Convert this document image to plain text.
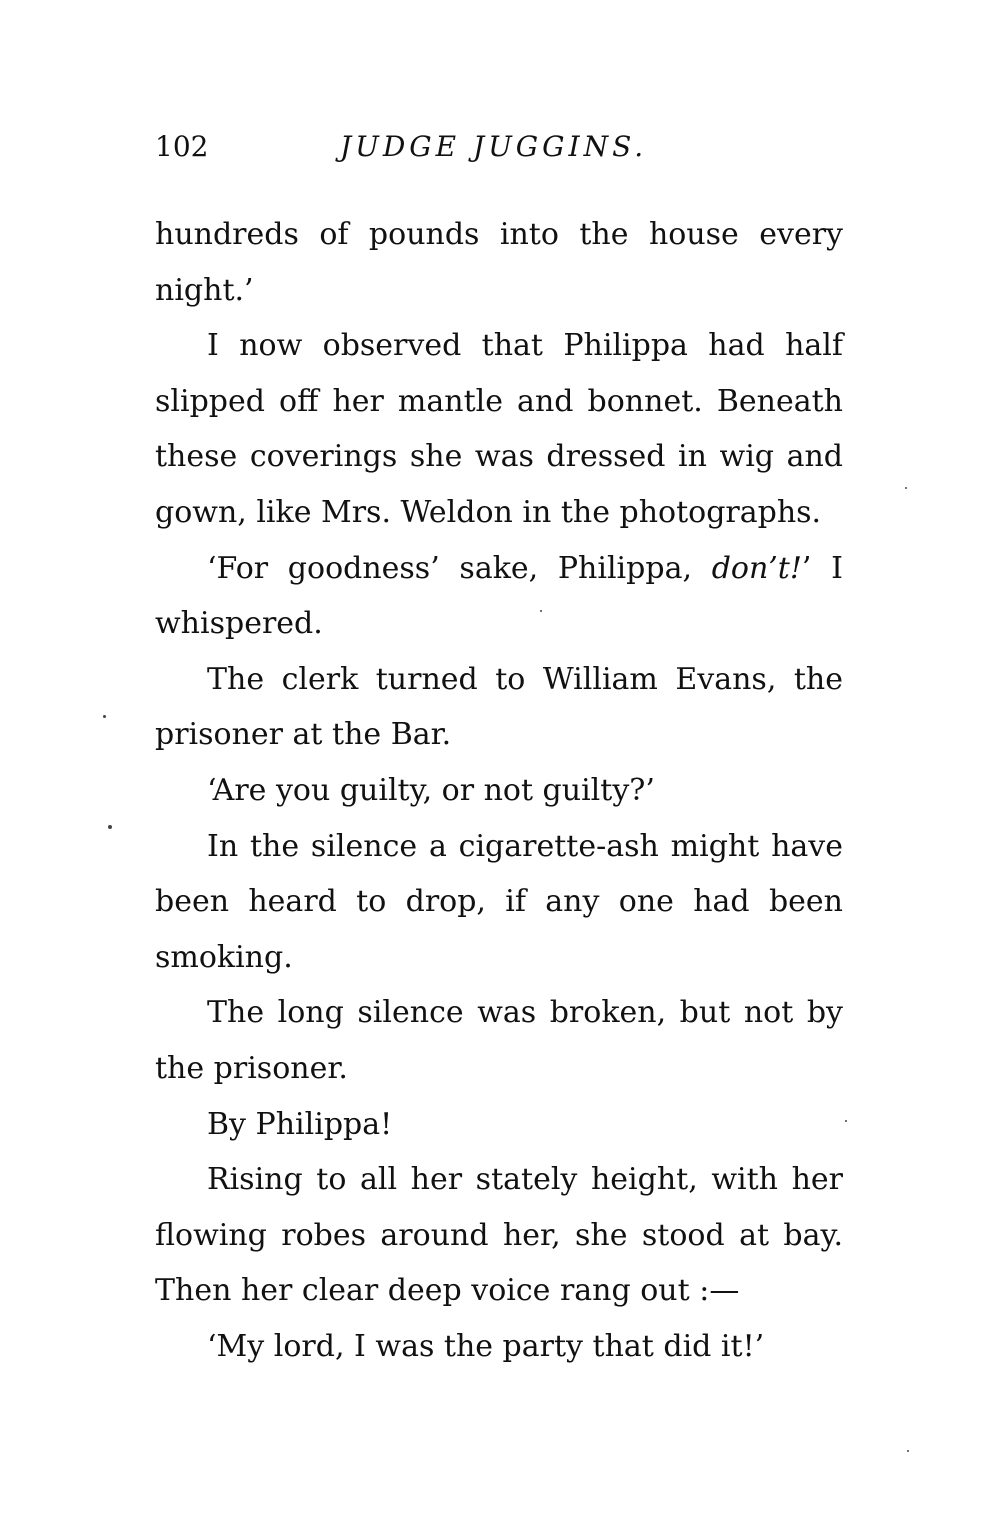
102	JUDGE JUGGINS.

hundreds of pounds into the house every night.’

I now observed that Philippa had half slipped off her mantle and bonnet. Beneath these coverings she was dressed in wig and gown, like Mrs. Weldon in the photographs.

‘For goodness’ sake, Philippa, don’t!’ I whispered.

The clerk turned to William Evans, the prisoner at the Bar.

‘Are you guilty, or not guilty?’

In the silence a cigarette-ash might have been heard to drop, if any one had been smoking.

The long silence was broken, but not by the prisoner.

By Philippa!

Rising to all her stately height, with her flowing robes around her, she stood at bay. Then her clear deep voice rang out :—

‘My lord, I was the party that did it!’
